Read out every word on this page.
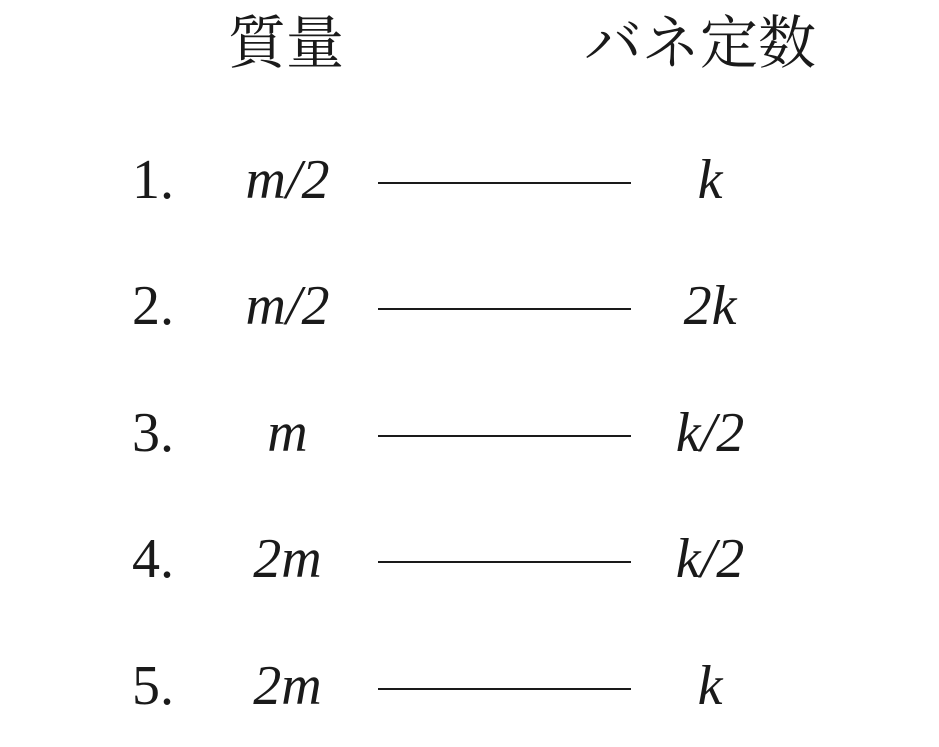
質量	バネ定数
1.	m/2	k
2.	m/2	2k
3.	m	k/2
4.	2m	k/2
5.	2m	k
